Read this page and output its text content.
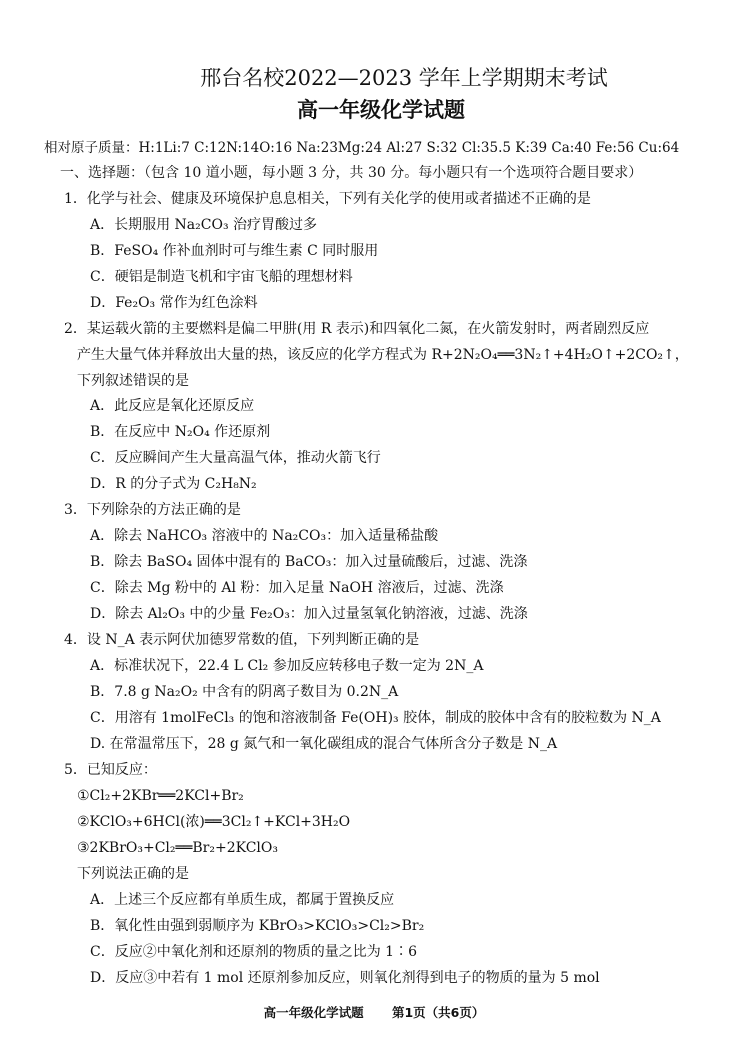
邢台名校2022—2023 学年上学期期末考试
高一年级化学试题
相对原子质量：H:1Li:7 C:12N:14O:16 Na:23Mg:24 Al:27 S:32 Cl:35.5 K:39 Ca:40 Fe:56 Cu:64
一、选择题：（包含 10 道小题，每小题 3 分，共 30 分。每小题只有一个选项符合题目要求）
1．化学与社会、健康及环境保护息息相关，下列有关化学的使用或者描述不正确的是
A．长期服用 Na₂CO₃ 治疗胃酸过多
B．FeSO₄ 作补血剂时可与维生素 C 同时服用
C．硬铝是制造飞机和宇宙飞船的理想材料
D．Fe₂O₃ 常作为红色涂料
2．某运载火箭的主要燃料是偏二甲肼(用 R 表示)和四氧化二氮，在火箭发射时，两者剧烈反应
产生大量气体并释放出大量的热，该反应的化学方程式为 R+2N₂O₄══3N₂↑+4H₂O↑+2CO₂↑，
下列叙述错误的是
A．此反应是氧化还原反应
B．在反应中 N₂O₄ 作还原剂
C．反应瞬间产生大量高温气体，推动火箭飞行
D．R 的分子式为 C₂H₈N₂
3．下列除杂的方法正确的是
A．除去 NaHCO₃ 溶液中的 Na₂CO₃：加入适量稀盐酸
B．除去 BaSO₄ 固体中混有的 BaCO₃：加入过量硫酸后，过滤、洗涤
C．除去 Mg 粉中的 Al 粉：加入足量 NaOH 溶液后，过滤、洗涤
D．除去 Al₂O₃ 中的少量 Fe₂O₃：加入过量氢氧化钠溶液，过滤、洗涤
4．设 N_A 表示阿伏加德罗常数的值，下列判断正确的是
A．标准状况下，22.4 L Cl₂ 参加反应转移电子数一定为 2N_A
B．7.8 g Na₂O₂ 中含有的阴离子数目为 0.2N_A
C．用溶有 1molFeCl₃ 的饱和溶液制备 Fe(OH)₃ 胶体，制成的胶体中含有的胶粒数为 N_A
D. 在常温常压下，28 g 氮气和一氧化碳组成的混合气体所含分子数是 N_A
5．已知反应：
①Cl₂+2KBr══2KCl+Br₂
②KClO₃+6HCl(浓)══3Cl₂↑+KCl+3H₂O
③2KBrO₃+Cl₂══Br₂+2KClO₃
下列说法正确的是
A．上述三个反应都有单质生成，都属于置换反应
B．氧化性由强到弱顺序为 KBrO₃>KClO₃>Cl₂>Br₂
C．反应②中氧化剂和还原剂的物质的量之比为 1∶6
D．反应③中若有 1 mol 还原剂参加反应，则氧化剂得到电子的物质的量为 5 mol
高一年级化学试题 第1页（共6页）
